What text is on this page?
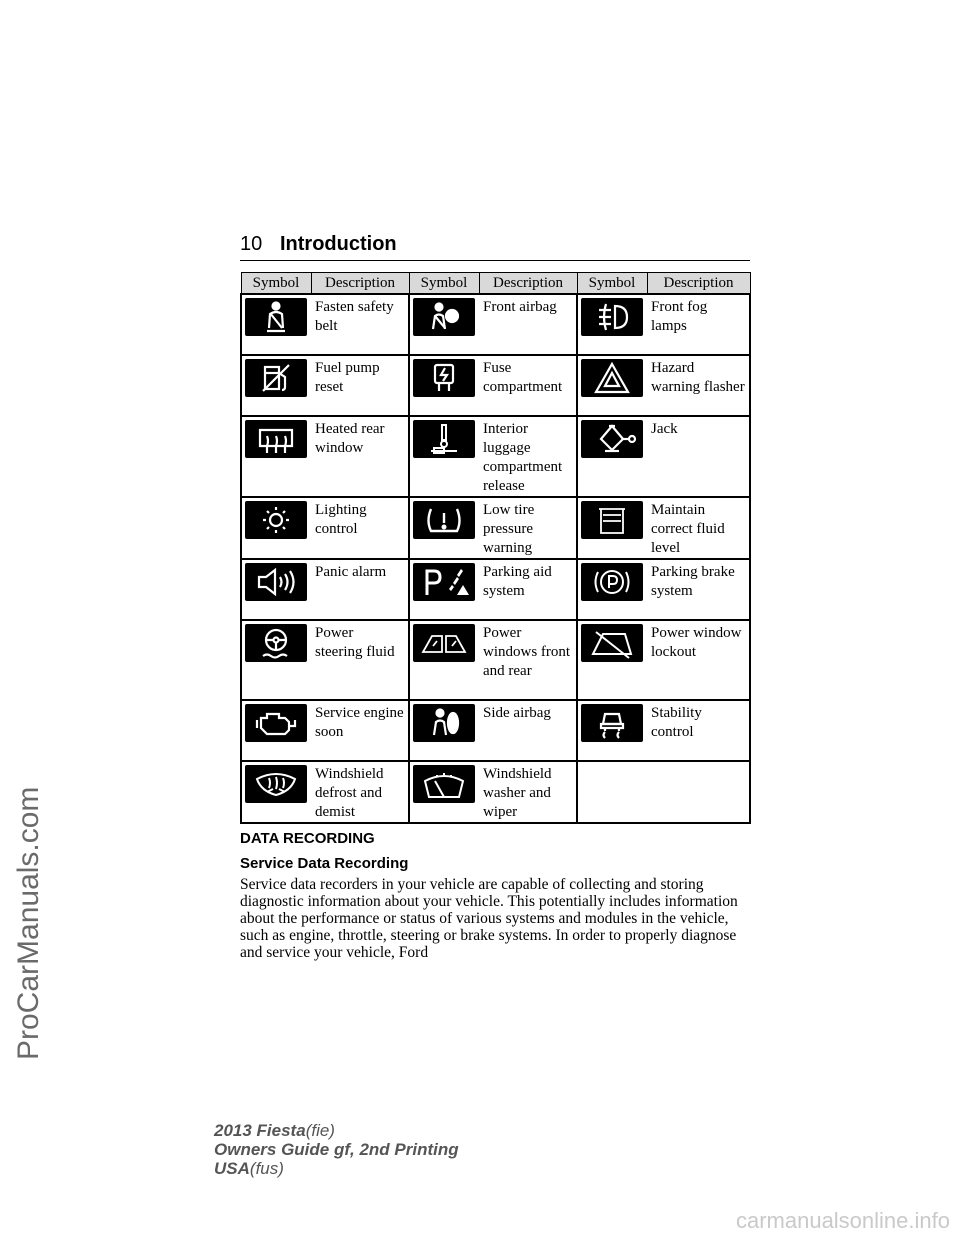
10 Introduction
Symbol	Description	Symbol	Description	Symbol	Description

	Fasten safety belt		Front airbag		Front fog lamps

	Fuel pump reset		Fuse compartment		Hazard warning flasher

	Heated rear window		Interior luggage compartment release		Jack

	Lighting control		Low tire pressure warning		Maintain correct fluid level

	Panic alarm		Parking aid system		Parking brake system

	Power steering fluid		Power windows front and rear		Power window lockout

	Service engine soon		Side airbag		Stability control

	Windshield defrost and demist		Windshield washer and wiper		

DATA RECORDING

Service Data Recording

Service data recorders in your vehicle are capable of collecting and storing diagnostic information about your vehicle. This potentially includes information about the performance or status of various systems and modules in the vehicle, such as engine, throttle, steering or brake systems. In order to properly diagnose and service your vehicle, Ford

2013 Fiesta(fie)
Owners Guide gf, 2nd Printing
USA(fus)
ProCarManuals.com
carmanualsonline.info
